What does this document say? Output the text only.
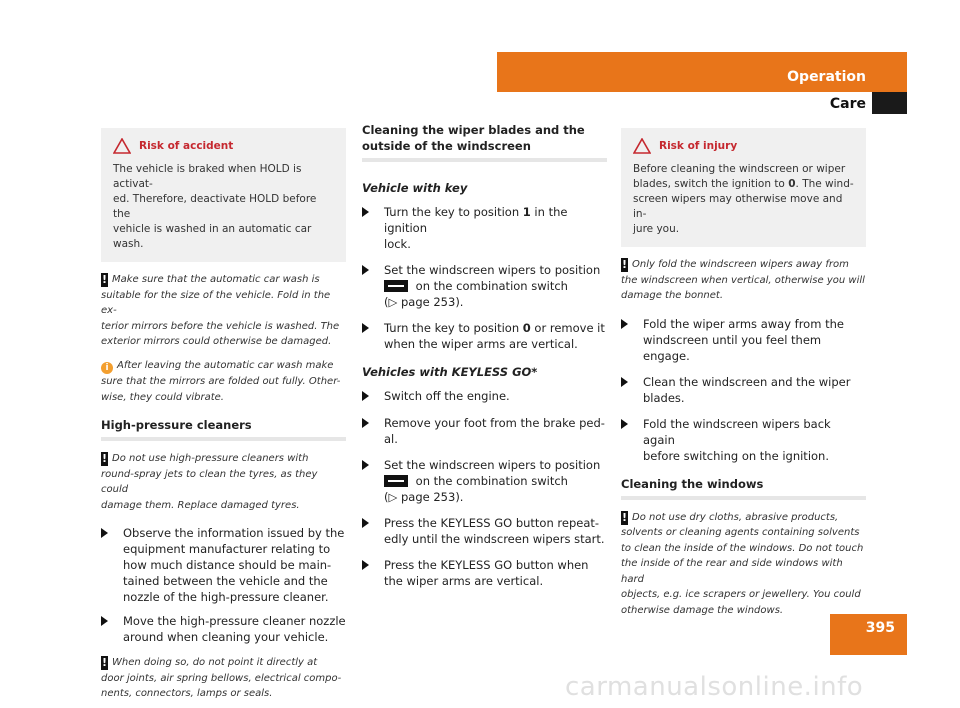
Operation
Care
Risk of accident
The vehicle is braked when HOLD is activat-
ed. Therefore, deactivate HOLD before the
vehicle is washed in an automatic car wash.
! Make sure that the automatic car wash is
suitable for the size of the vehicle. Fold in the ex-
terior mirrors before the vehicle is washed. The
exterior mirrors could otherwise be damaged.
i After leaving the automatic car wash make
sure that the mirrors are folded out fully. Other-
wise, they could vibrate.
High-pressure cleaners
! Do not use high-pressure cleaners with
round-spray jets to clean the tyres, as they could
damage them. Replace damaged tyres.
Observe the information issued by the
equipment manufacturer relating to
how much distance should be main-
tained between the vehicle and the
nozzle of the high-pressure cleaner.
Move the high-pressure cleaner nozzle
around when cleaning your vehicle.
! When doing so, do not point it directly at
door joints, air spring bellows, electrical compo-
nents, connectors, lamps or seals.
Cleaning the wiper blades and the
outside of the windscreen
Vehicle with key
Turn the key to position 1 in the ignition
lock.
Set the windscreen wipers to position
on the combination switch
(▷ page 253).
Turn the key to position 0 or remove it
when the wiper arms are vertical.
Vehicles with KEYLESS GO*
Switch off the engine.
Remove your foot from the brake ped-
al.
Set the windscreen wipers to position
on the combination switch
(▷ page 253).
Press the KEYLESS GO button repeat-
edly until the windscreen wipers start.
Press the KEYLESS GO button when
the wiper arms are vertical.
Risk of injury
Before cleaning the windscreen or wiper
blades, switch the ignition to 0. The wind-
screen wipers may otherwise move and in-
jure you.
! Only fold the windscreen wipers away from
the windscreen when vertical, otherwise you will
damage the bonnet.
Fold the wiper arms away from the
windscreen until you feel them engage.
Clean the windscreen and the wiper
blades.
Fold the windscreen wipers back again
before switching on the ignition.
Cleaning the windows
! Do not use dry cloths, abrasive products,
solvents or cleaning agents containing solvents
to clean the inside of the windows. Do not touch
the inside of the rear and side windows with hard
objects, e.g. ice scrapers or jewellery. You could
otherwise damage the windows.
395
carmanualsonline.info
